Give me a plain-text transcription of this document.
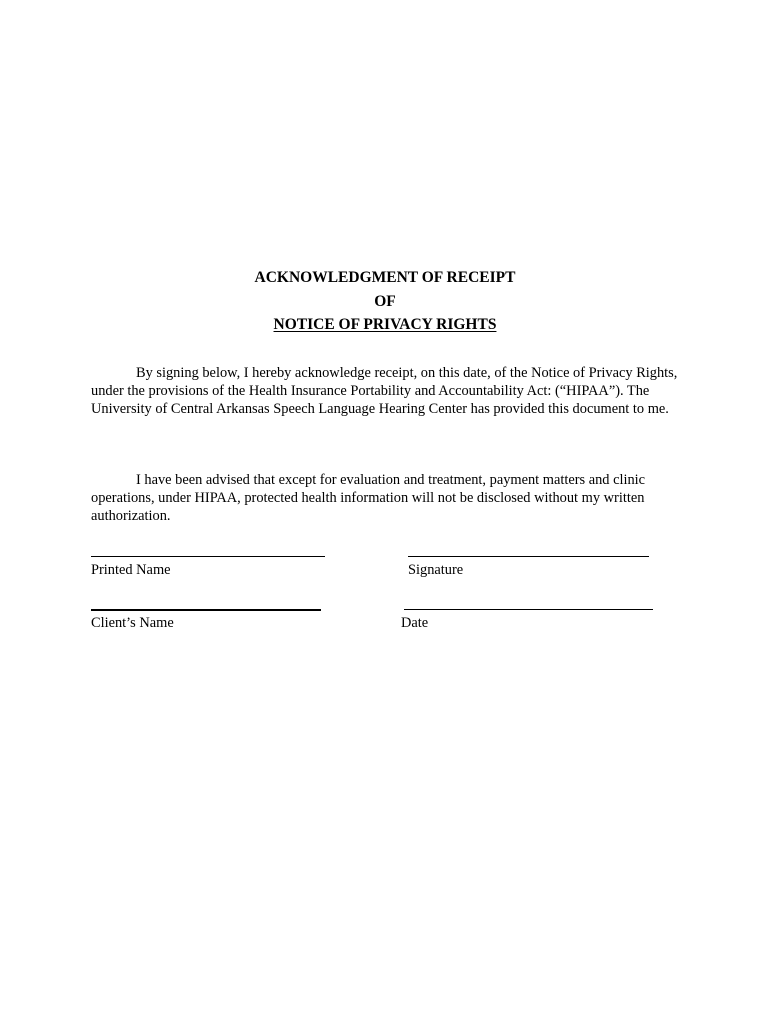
ACKNOWLEDGMENT OF RECEIPT
OF
NOTICE OF PRIVACY RIGHTS

By signing below, I hereby acknowledge receipt, on this date, of the Notice of Privacy Rights, under the provisions of the Health Insurance Portability and Accountability Act: (“HIPAA”). The University of Central Arkansas Speech Language Hearing Center has provided this document to me.

I have been advised that except for evaluation and treatment, payment matters and clinic operations, under HIPAA, protected health information will not be disclosed without my written authorization.

Printed Name	Signature
Client’s Name	Date
